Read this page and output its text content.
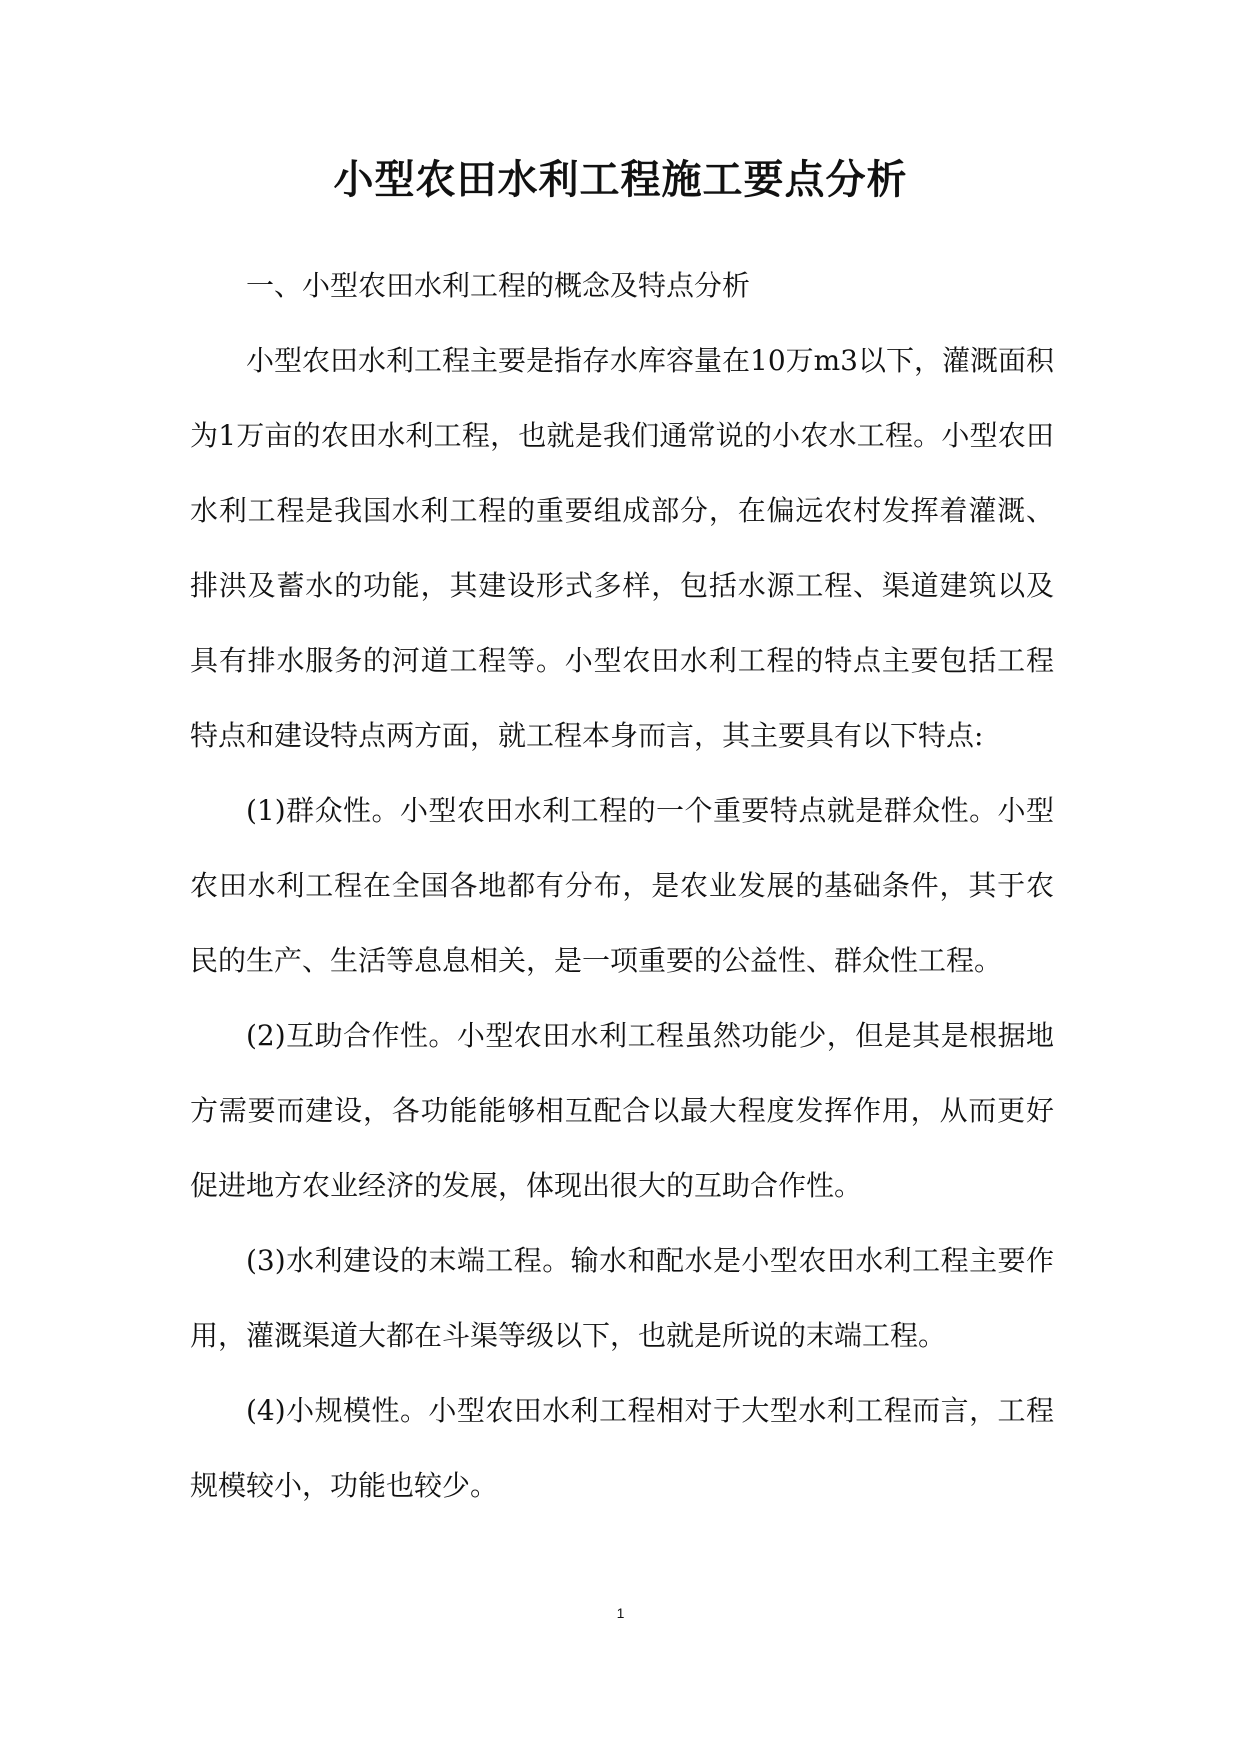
小型农田水利工程施工要点分析

一、小型农田水利工程的概念及特点分析

小型农田水利工程主要是指存水库容量在10万m3以下，灌溉面积为1万亩的农田水利工程，也就是我们通常说的小农水工程。小型农田水利工程是我国水利工程的重要组成部分，在偏远农村发挥着灌溉、排洪及蓄水的功能，其建设形式多样，包括水源工程、渠道建筑以及具有排水服务的河道工程等。小型农田水利工程的特点主要包括工程特点和建设特点两方面，就工程本身而言，其主要具有以下特点:

(1)群众性。小型农田水利工程的一个重要特点就是群众性。小型农田水利工程在全国各地都有分布，是农业发展的基础条件，其于农民的生产、生活等息息相关，是一项重要的公益性、群众性工程。

(2)互助合作性。小型农田水利工程虽然功能少，但是其是根据地方需要而建设，各功能能够相互配合以最大程度发挥作用，从而更好促进地方农业经济的发展，体现出很大的互助合作性。

(3)水利建设的末端工程。输水和配水是小型农田水利工程主要作用，灌溉渠道大都在斗渠等级以下，也就是所说的末端工程。

(4)小规模性。小型农田水利工程相对于大型水利工程而言，工程规模较小，功能也较少。

1
